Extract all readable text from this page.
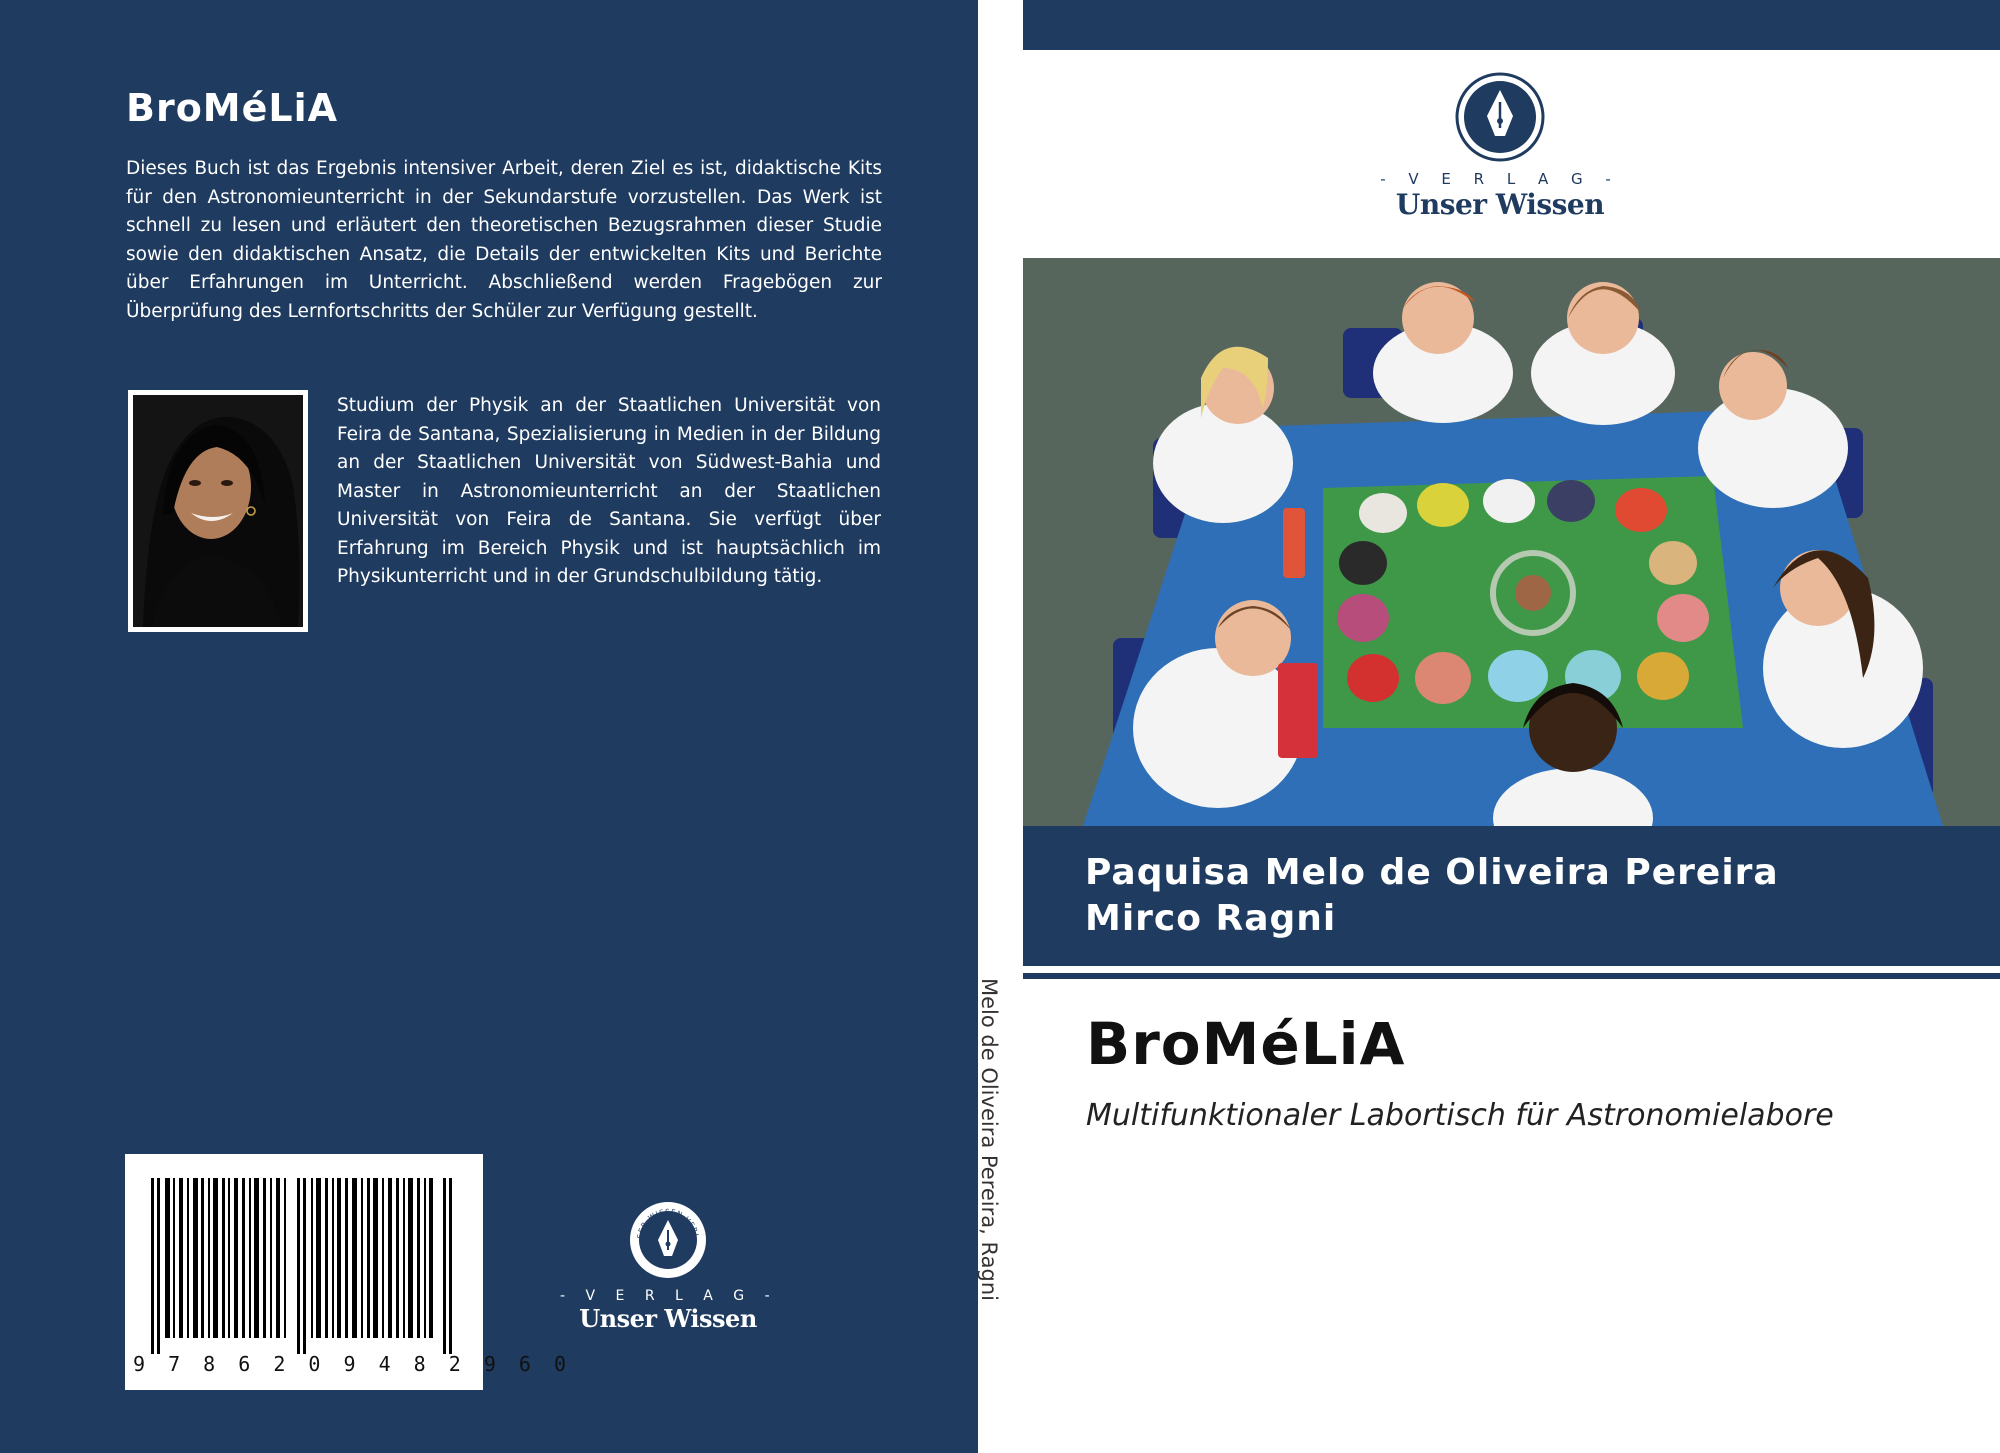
BroMéLiA

Dieses Buch ist das Ergebnis intensiver Arbeit, deren Ziel es ist, didaktische Kits für den Astronomieunterricht in der Sekundarstufe vorzustellen. Das Werk ist schnell zu lesen und erläutert den theoretischen Bezugsrahmen dieser Studie sowie den didaktischen Ansatz, die Details der entwickelten Kits und Berichte über Erfahrungen im Unterricht. Abschließend werden Fragebögen zur Überprüfung des Lernfortschritts der Schüler zur Verfügung gestellt.

Studium der Physik an der Staatlichen Universität von Feira de Santana, Spezialisierung in Medien in der Bildung an der Staatlichen Universität von Südwest-Bahia und Master in Astronomieunterricht an der Staatlichen Universität von Feira de Santana. Sie verfügt über Erfahrung im Bereich Physik und ist hauptsächlich im Physikunterricht und in der Grundschulbildung tätig.

9 7 8 6 2 0 9 4 8 2 9 6 0
SER WISSEN VERL
- V E R L A G -
Unser Wissen
Melo de Oliveira Pereira, Ragni
- V E R L A G -
Unser Wissen
Paquisa Melo de Oliveira Pereira
Mirco Ragni
BroMéLiA
Multifunktionaler Labortisch für Astronomielabore
